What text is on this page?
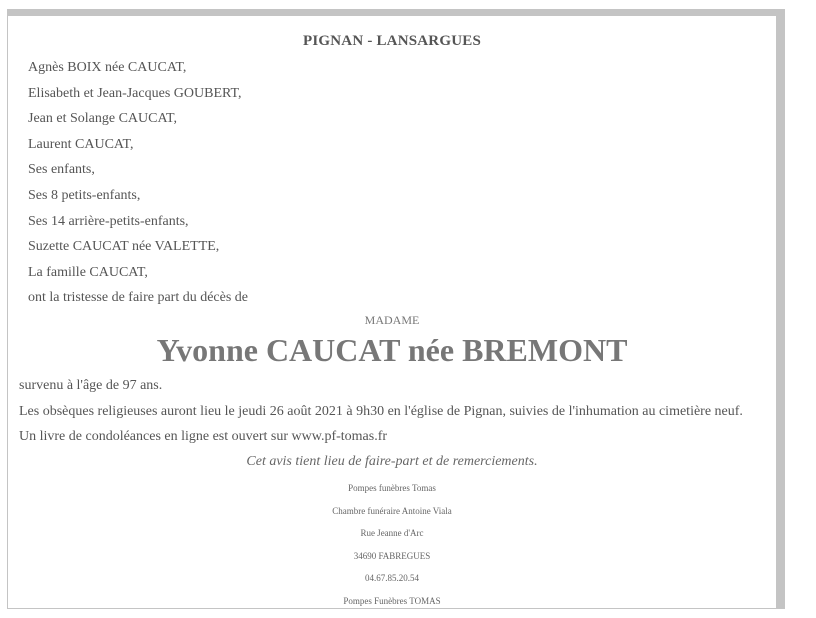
PIGNAN - LANSARGUES
Agnès BOIX née CAUCAT,
Elisabeth et Jean-Jacques GOUBERT,
Jean et Solange CAUCAT,
Laurent CAUCAT,
Ses enfants,
Ses 8 petits-enfants,
Ses 14 arrière-petits-enfants,
Suzette CAUCAT née VALETTE,
La famille CAUCAT,
ont la tristesse de faire part du décès de
MADAME
Yvonne CAUCAT née BREMONT
survenu à l'âge de 97 ans.
Les obsèques religieuses auront lieu le jeudi 26 août 2021 à 9h30 en l'église de Pignan, suivies de l'inhumation au cimetière neuf.
Un livre de condoléances en ligne est ouvert sur www.pf-tomas.fr
Cet avis tient lieu de faire-part et de remerciements.
Pompes funèbres Tomas
Chambre funéraire Antoine Viala
Rue Jeanne d'Arc
34690 FABREGUES
04.67.85.20.54
Pompes Funèbres TOMAS
